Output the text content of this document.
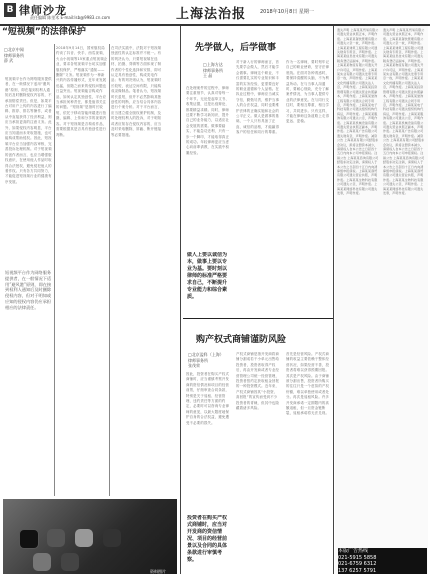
B 律师沙龙
责任编辑 陈里术 E-mail:lsb@9983.cn.com	上海法治报	2018年10月8日 星期一
“短视频”的法律保护
□北京中闻
律师事务所
薛 武
2018年9月14日，国家版权局约谈了抖音、快手、西瓜视频、火山小视频等15家重点短视频企业，要求各短视频平台切实加强版权保护，严格落实“通知——删除”义务。短视频作为一种新兴的内容传播形式，近年来发展迅猛，但随之而来的侵权问题也日益突出。短视频能否构成作品，如何认定其独创性，平台应当承担何种责任，都是值得关注的问题。“短视频”是指时长较短、依托于移动智能终端进行拍摄、编辑、上传和分享的视频内容。对于短视频是否构成作品，需要根据其是否具有独创性进行判断。
在司法实践中，法院对于短视频独创性的认定标准并不统一。有的判决认为，只要短视频在选材、拍摄、剪辑等方面体现了制作者的个性化选择和安排，即可认定具有独创性，构成类电作品；有的判决则认为，短视频时长较短，表达空间有限，只能构成录像制品。笔者认为，短视频时长虽短，但并不必然影响其独创性的判断，应当结合具体内容进行个案分析。对于平台而言，应当建立健全版权保护机制，及时处理权利人的投诉，对于明知或者应知存在侵权内容的，应当及时采取删除、屏蔽、断开链接等必要措施。
短视频平台作为网络服务提供者，在一般情况下适用“避风港”原则，即在接到权利人通知后及时删除侵权内容的，不承担赔偿责任。但是，如果平台对用户上传的内容进行了编辑、推荐、排名等操作，或者从中直接获得了经济利益，则应当承担更高的注意义务。此外，如果侵权内容明显，平台应当知道而未采取措施，也可能构成帮助侵权。因此，短视频平台应当加强内容审核，完善投诉处理机制。对于短视频的创作者而言，也应当增强版权意识，在使用他人作品时取得合法授权，避免侵犯他人的著作权。只有各方共同努力，才能促进短视频行业的健康有序发展。
短视频平台作为网络服务提供者，在一般情况下适用“避风港”原则，即在接到权利人通知后及时删除侵权内容，但对于明知或应知的侵权内容仍应承担相应的法律责任。
资料图片
先学做人，后学做事
□上海方达
律师事务所
王 晶
对于新入行的律师而言，首先要学会做人，然后才能学会做事。律师这个职业，不仅需要扎实的专业知识和丰富的实务经验，更需要良好的职业道德和个人品格。在执业过程中，律师应当诚实守信，勤勉尽责，维护当事人的合法权益，同时也要维护法律的正确实施和社会的公平正义。做人是做事的基础，一个人只有具备了正直、诚信的品格，才能赢得客户的信任和同行的尊重。
作为一名律师，要时刻牢记自己的职业使命，坚守法律底线。在面对各种诱惑时，要保持清醒的头脑，不为利益所动。在与当事人沟通时，要耐心细致，充分了解案件情况，为当事人提供专业的法律意见。在与同行交往时，要相互尊重，相互学习，共同进步。只有这样，才能在律师这条道路上走得更远、更稳。
在处理案件的过程中，律师要注重细节，认真对待每一个环节。无论是起草文书、收集证据，还是出庭辩论，都要精益求精。同时，律师还要不断学习新知识，提升自己的业务能力，以适应社会发展的需要。做事要踏实，不能急功近利，只有一步一个脚印，才能取得真正的成功。年轻律师更应当虚心向前辈请教，在实践中积累经验。
做人上要以诚信为本，做事上要以专业为基。要时刻以律师的标准严格要求自己，不断提升专业能力和综合素质。
购产权式商铺谨防风险
□北京盈科（上海）
律师事务所
张茂荣
产权式商铺是指开发商将商铺分割成若干小单元出售给投资者，投资者取得产权后，再由开发商或者专业经营管理公司统一经营管理，投资者按约定获取租金回报的一种投资模式。近年来，产权式商铺因其“小投资、高回报”的宣传而受到不少投资者的青睐，但其中也隐藏着诸多风险。
首先是经营风险。产权式商铺的收益主要依赖于整体经营状况，如果经营不善，投资者将难以获得预期回报。其次是产权风险。由于商铺被分割出售，投资者所购买的往往只是一个虚拟的产权份额，难以单独使用或者处分。再次是返租风险。许多开发商承诺一定期限内的高额返租，但一旦资金链断裂，返租承诺将无法兑现。
因此，投资者在购买产权式商铺时，应当谨慎考察开发商的资信情况和项目的经营前景，仔细审查合同条款，特别是关于返租、经营管理、违约责任等方面的约定，必要时可以咨询专业律师的意见，以最大限度地保护自身的合法权益，避免遭受不必要的损失。
投资者在购买产权式商铺时，应当对开发商的资信情况、项目的经营前景以及合同的具体条款进行审慎考察。
遗失声明 上海某某贸易有限公司遗失营业执照正本，声明作废。上海某某餐饮管理有限公司遗失公章一枚，声明作废。上海某某建筑工程有限公司遗失财务专用章，声明作废。上海某某信息技术有限公司遗失税务登记证副本，声明作废。上海某某物流有限公司遗失开户许可证，声明作废。上海某某实业有限公司遗失发票专用章一枚，声明作废。上海某某文化传播有限公司遗失法人章，声明作废。上海某某投资管理有限公司遗失营业执照副本，声明作废。上海某某装饰工程有限公司遗失合同专用章，声明作废。上海某某电子科技有限公司遗失组织机构代码证，声明作废。上海某某服饰有限公司遗失公章，声明作废。上海某某机械设备有限公司遗失营业执照正副本，声明作废。上海某某广告有限公司遗失财务章，声明作废。减资公告 上海某某有限公司经股东会决议，拟将注册资本减少，请债权人自本公告之日起四十五日内向本公司申报债权。注销公告 上海某某咨询有限公司经股东决定注销，请债权人于本公告之日起四十五日内向清算组申报债权。上海某某商贸有限公司遗失营业执照，声明作废。上海某某生物科技有限公司遗失公章，声明作废。上海某某网络科技有限公司遗失发票，声明作废。
遗失声明 上海某某贸易有限公司遗失营业执照正本，声明作废。上海某某餐饮管理有限公司遗失公章一枚，声明作废。上海某某建筑工程有限公司遗失财务专用章，声明作废。上海某某信息技术有限公司遗失税务登记证副本，声明作废。上海某某物流有限公司遗失开户许可证，声明作废。上海某某实业有限公司遗失发票专用章一枚，声明作废。上海某某文化传播有限公司遗失法人章，声明作废。上海某某投资管理有限公司遗失营业执照副本，声明作废。上海某某装饰工程有限公司遗失合同专用章，声明作废。上海某某电子科技有限公司遗失组织机构代码证，声明作废。上海某某服饰有限公司遗失公章，声明作废。上海某某机械设备有限公司遗失营业执照正副本，声明作废。上海某某广告有限公司遗失财务章，声明作废。减资公告 上海某某有限公司经股东会决议，拟将注册资本减少，请债权人自本公告之日起四十五日内向本公司申报债权。注销公告 上海某某咨询有限公司经股东决定注销，请债权人于本公告之日起四十五日内向清算组申报债权。上海某某商贸有限公司遗失营业执照，声明作废。上海某某生物科技有限公司遗失公章，声明作废。上海某某网络科技有限公司遗失发票，声明作废。
本版广告热线
021-5915 5858
021-6759 6312
137 6257 5791
